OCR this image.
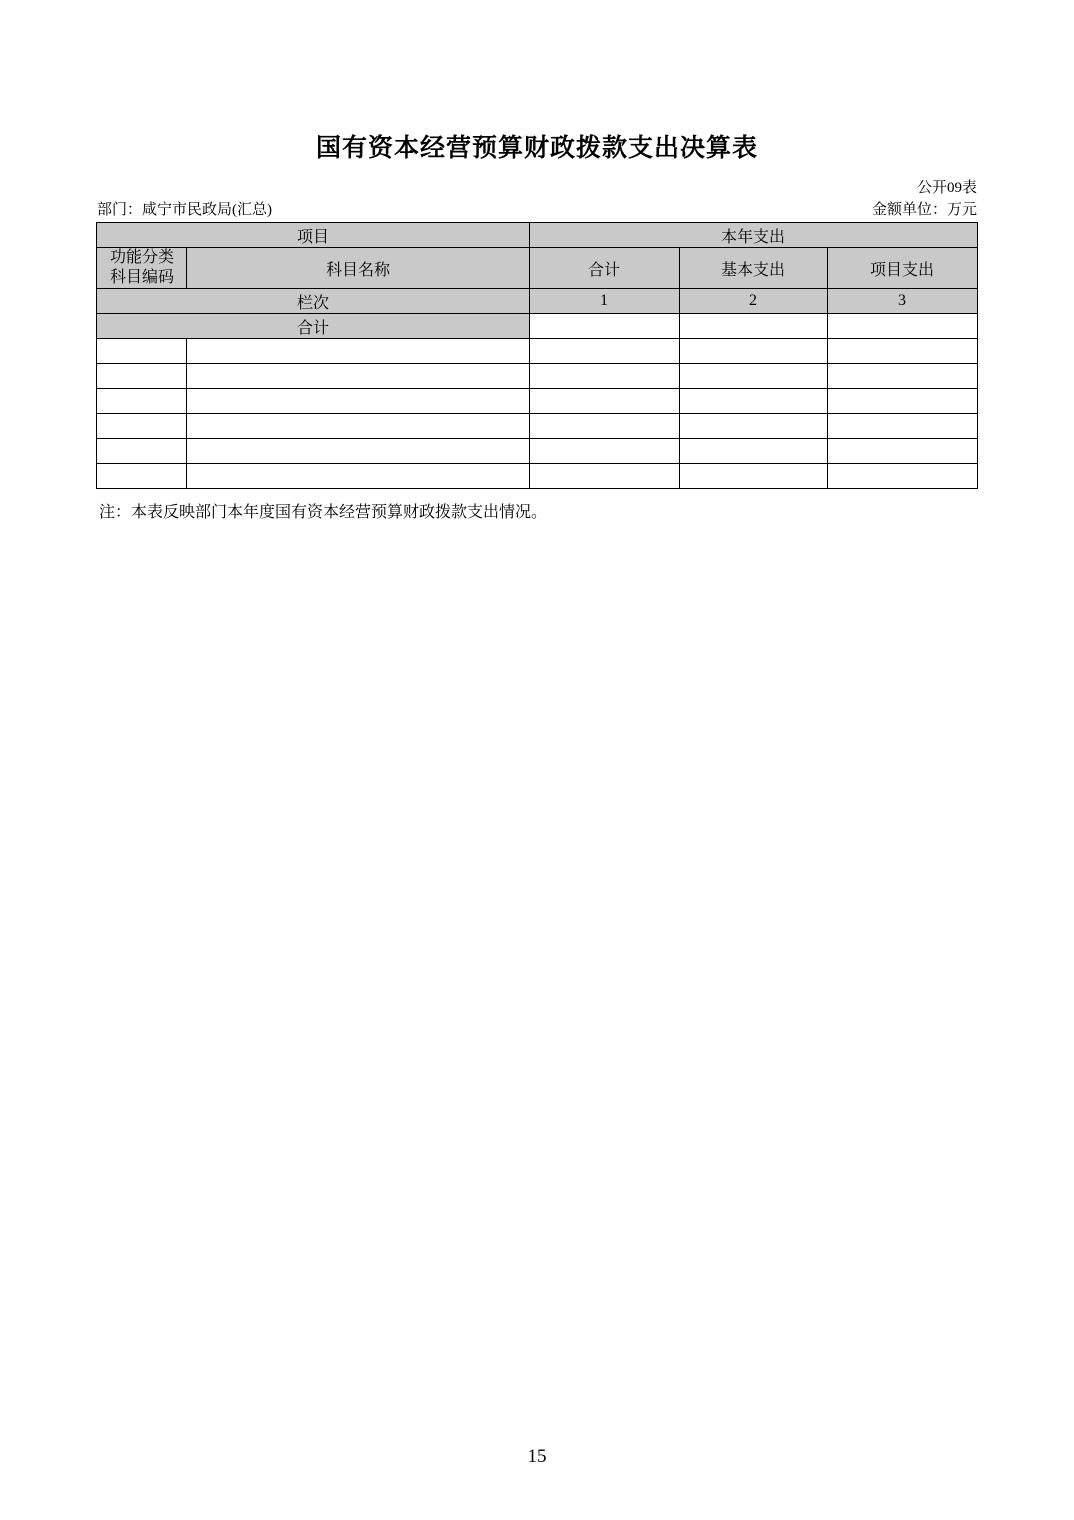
国有资本经营预算财政拨款支出决算表
公开09表
部门：咸宁市民政局(汇总)	金额单位：万元
项目		本年支出		

功能分类
科目编码	科目名称	合计	基本支出	项目支出
栏次		1	2	3
合计				

注：本表反映部门本年度国有资本经营预算财政拨款支出情况。
15
